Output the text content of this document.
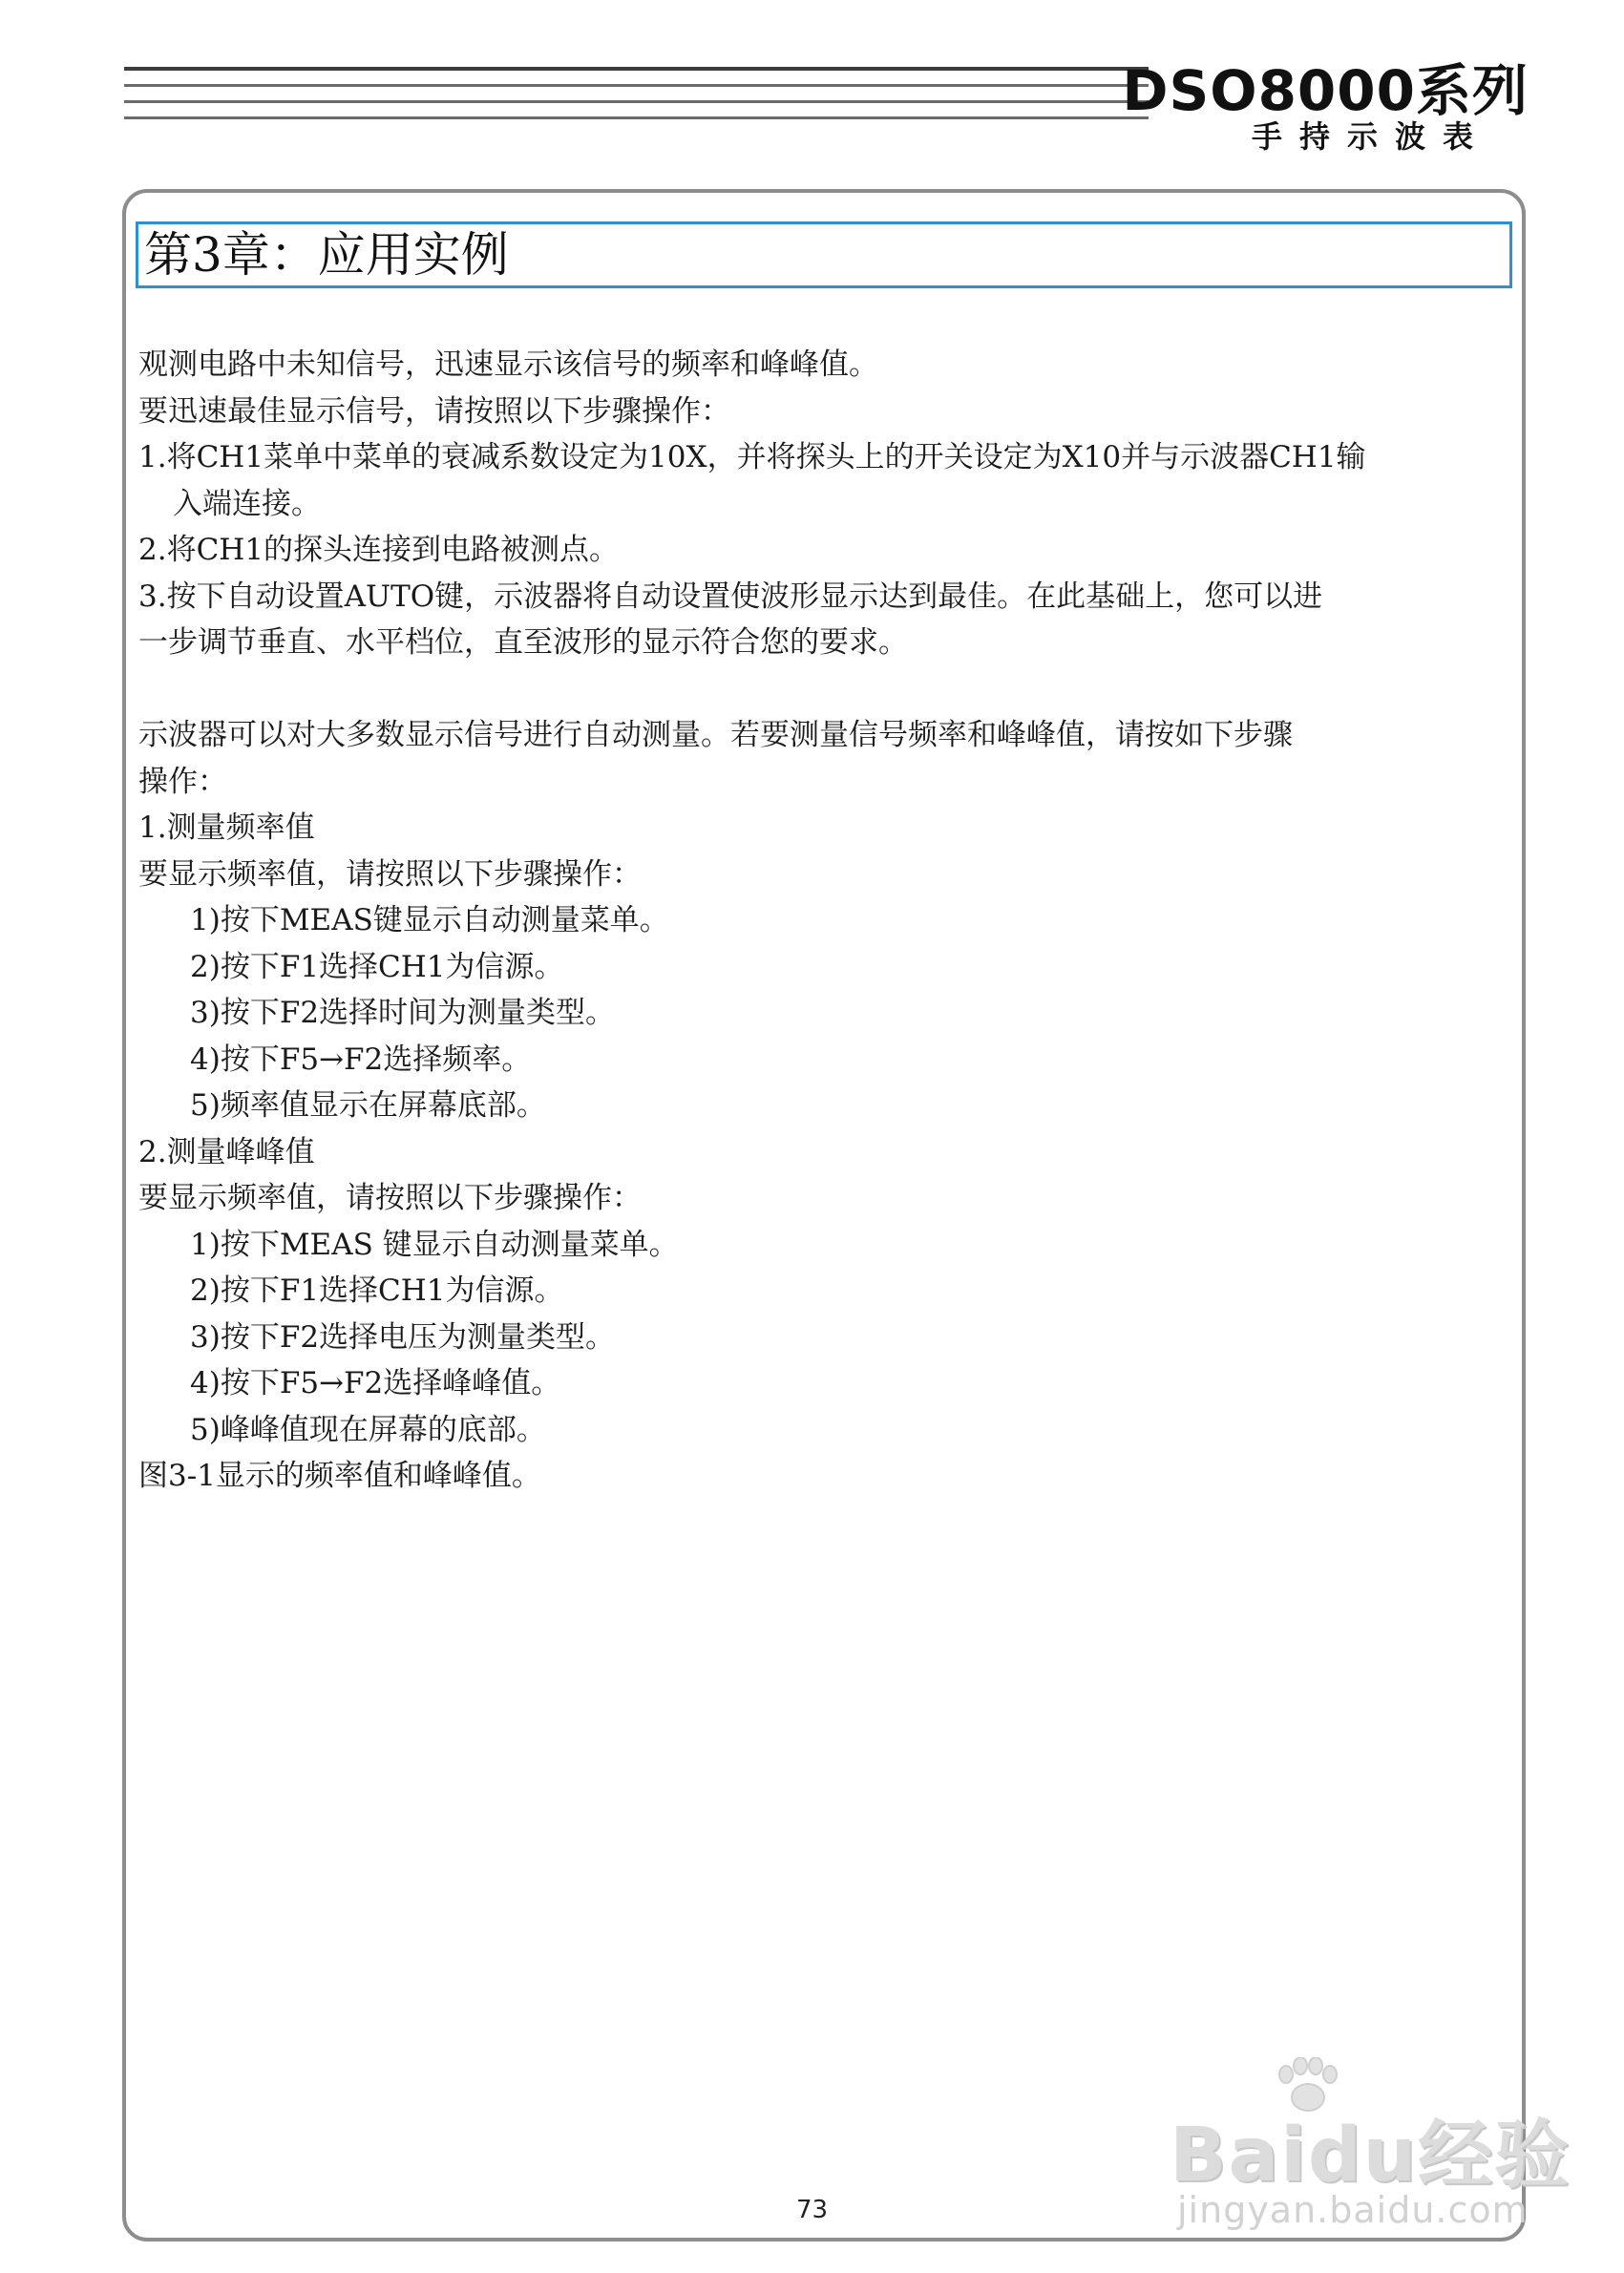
DSO8000系列
手持示波表
第3章：应用实例

观测电路中未知信号，迅速显示该信号的频率和峰峰值。

要迅速最佳显示信号，请按照以下步骤操作：

1.将CH1菜单中菜单的衰减系数设定为10X，并将探头上的开关设定为X10并与示波器CH1输

入端连接。

2.将CH1的探头连接到电路被测点。

3.按下自动设置AUTO键，示波器将自动设置使波形显示达到最佳。在此基础上，您可以进

一步调节垂直、水平档位，直至波形的显示符合您的要求。

示波器可以对大多数显示信号进行自动测量。若要测量信号频率和峰峰值，请按如下步骤

操作：

1.测量频率值

要显示频率值，请按照以下步骤操作：

1)按下MEAS键显示自动测量菜单。

2)按下F1选择CH1为信源。

3)按下F2选择时间为测量类型。

4)按下F5→F2选择频率。

5)频率值显示在屏幕底部。

2.测量峰峰值

要显示频率值，请按照以下步骤操作：

1)按下MEAS 键显示自动测量菜单。

2)按下F1选择CH1为信源。

3)按下F2选择电压为测量类型。

4)按下F5→F2选择峰峰值。

5)峰峰值现在屏幕的底部。

图3-1显示的频率值和峰峰值。

73
Baidu经验
jingyan.baidu.com
